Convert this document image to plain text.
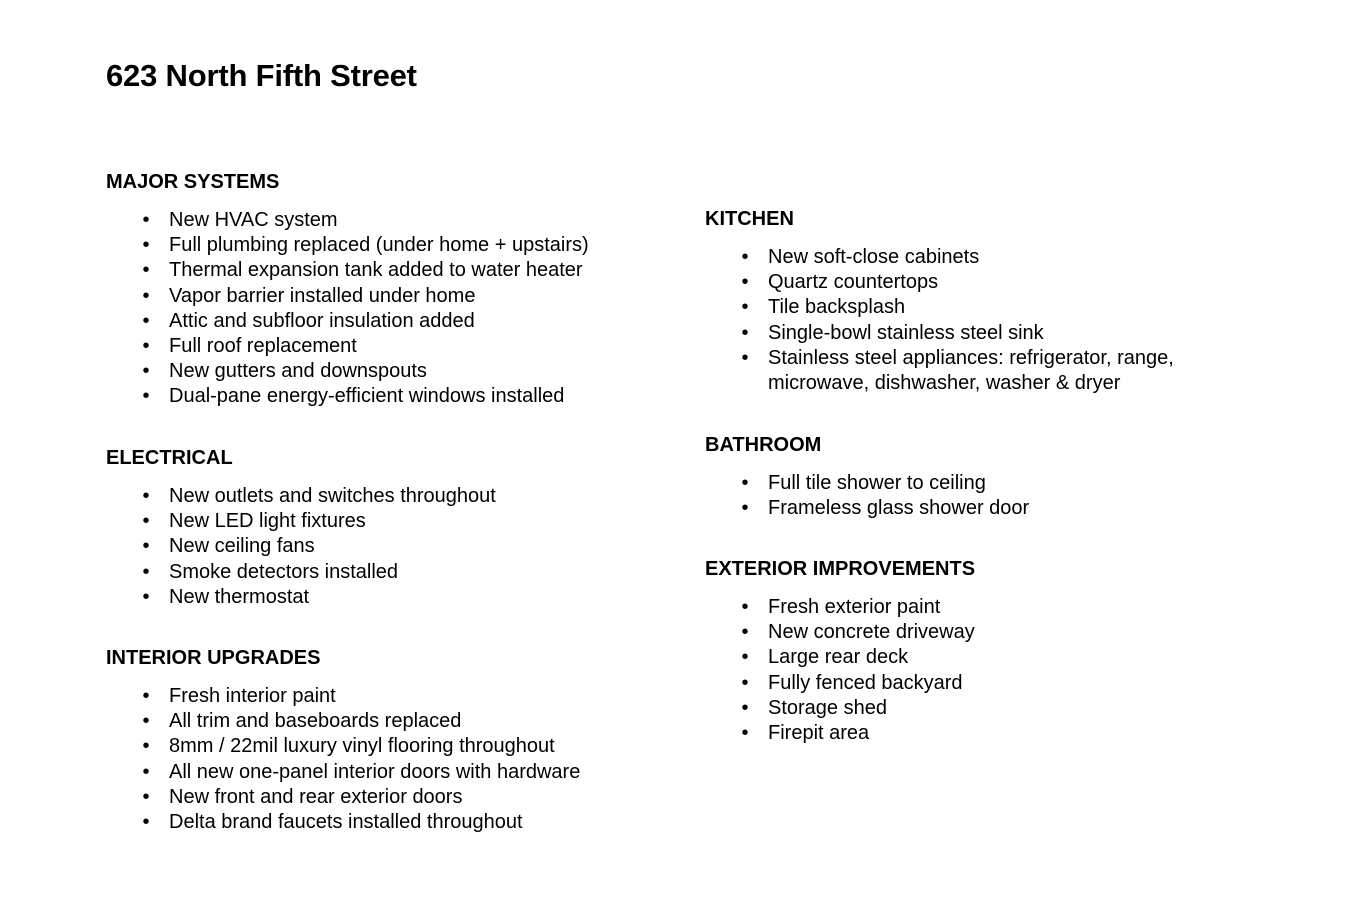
623 North Fifth Street
MAJOR SYSTEMS
• New HVAC system
• Full plumbing replaced (under home + upstairs)
• Thermal expansion tank added to water heater
• Vapor barrier installed under home
• Attic and subfloor insulation added
• Full roof replacement
• New gutters and downspouts
• Dual-pane energy-efficient windows installed
ELECTRICAL
• New outlets and switches throughout
• New LED light fixtures
• New ceiling fans
• Smoke detectors installed
• New thermostat
INTERIOR UPGRADES
• Fresh interior paint
• All trim and baseboards replaced
• 8mm / 22mil luxury vinyl flooring throughout
• All new one-panel interior doors with hardware
• New front and rear exterior doors
• Delta brand faucets installed throughout
KITCHEN
• New soft-close cabinets
• Quartz countertops
• Tile backsplash
• Single-bowl stainless steel sink
• Stainless steel appliances: refrigerator, range, microwave, dishwasher, washer & dryer
BATHROOM
• Full tile shower to ceiling
• Frameless glass shower door
EXTERIOR IMPROVEMENTS
• Fresh exterior paint
• New concrete driveway
• Large rear deck
• Fully fenced backyard
• Storage shed
• Firepit area
